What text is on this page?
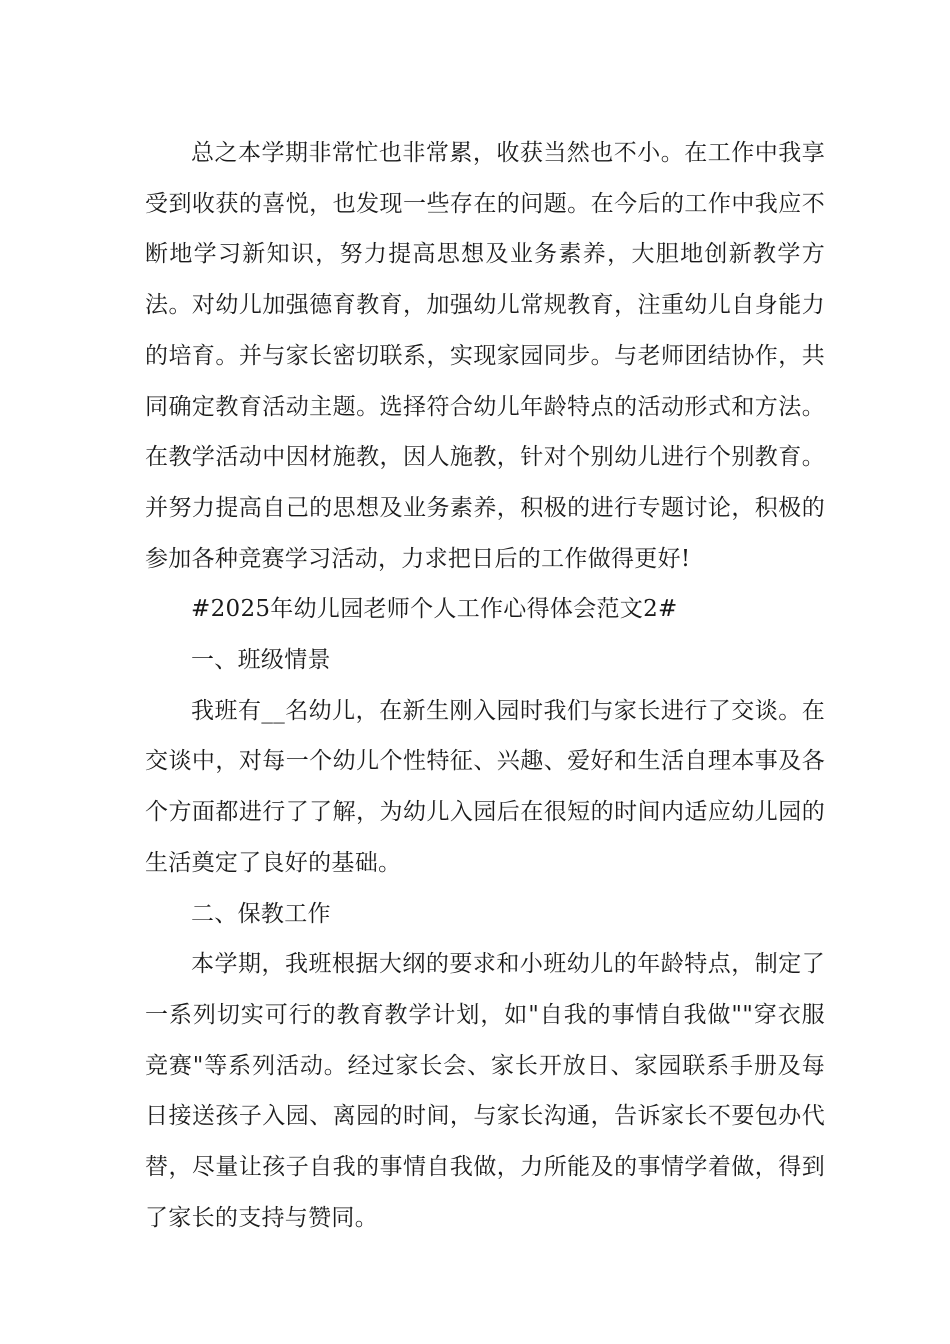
总之本学期非常忙也非常累，收获当然也不小。在工作中我享受到收获的喜悦，也发现一些存在的问题。在今后的工作中我应不断地学习新知识，努力提高思想及业务素养，大胆地创新教学方法。对幼儿加强德育教育，加强幼儿常规教育，注重幼儿自身能力的培育。并与家长密切联系，实现家园同步。与老师团结协作，共同确定教育活动主题。选择符合幼儿年龄特点的活动形式和方法。在教学活动中因材施教，因人施教，针对个别幼儿进行个别教育。并努力提高自己的思想及业务素养，积极的进行专题讨论，积极的参加各种竞赛学习活动，力求把日后的工作做得更好!

#2025年幼儿园老师个人工作心得体会范文2#

一、班级情景

我班有__名幼儿，在新生刚入园时我们与家长进行了交谈。在交谈中，对每一个幼儿个性特征、兴趣、爱好和生活自理本事及各个方面都进行了了解，为幼儿入园后在很短的时间内适应幼儿园的生活奠定了良好的基础。

二、保教工作

本学期，我班根据大纲的要求和小班幼儿的年龄特点，制定了一系列切实可行的教育教学计划，如"自我的事情自我做""穿衣服竞赛"等系列活动。经过家长会、家长开放日、家园联系手册及每日接送孩子入园、离园的时间，与家长沟通，告诉家长不要包办代替，尽量让孩子自我的事情自我做，力所能及的事情学着做，得到了家长的支持与赞同。
